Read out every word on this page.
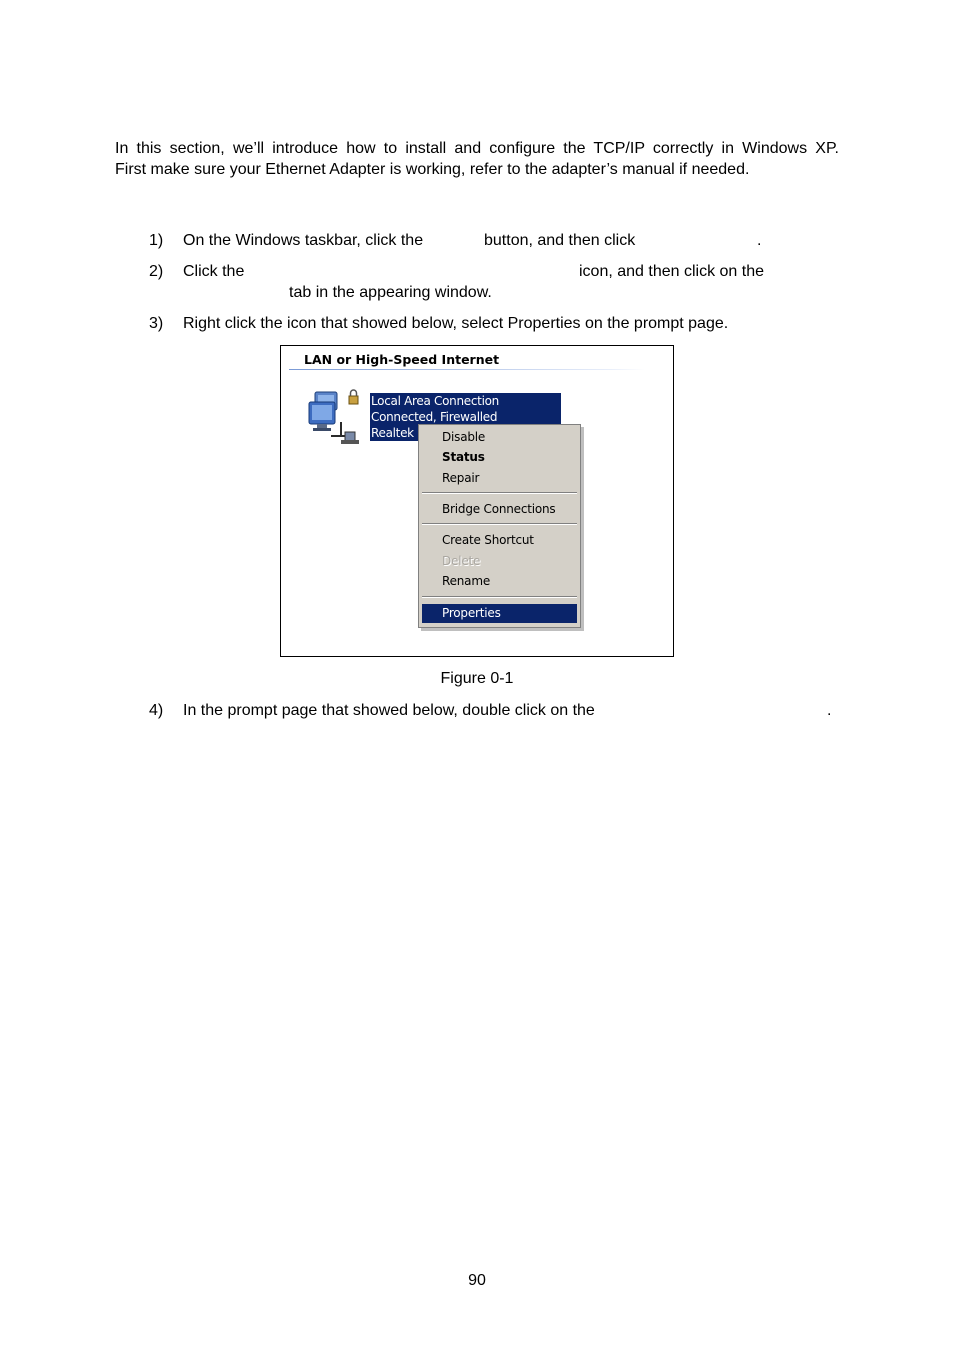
In this section, we’ll introduce how to install and configure the TCP/IP correctly in Windows XP.
First make sure your Ethernet Adapter is working, refer to the adapter’s manual if needed.
1) On the Windows taskbar, click the	button, and then click	.
2) Click the	icon, and then click on the
tab in the appearing window.
3) Right click the icon that showed below, select Properties on the prompt page.
LAN or High-Speed Internet
Local Area Connection
Connected, Firewalled
Realtek	Disable
Status
Repair
Bridge Connections
Create Shortcut
Delete
Rename
Properties
Figure 0-1
4) In the prompt page that showed below, double click on the	.
90
